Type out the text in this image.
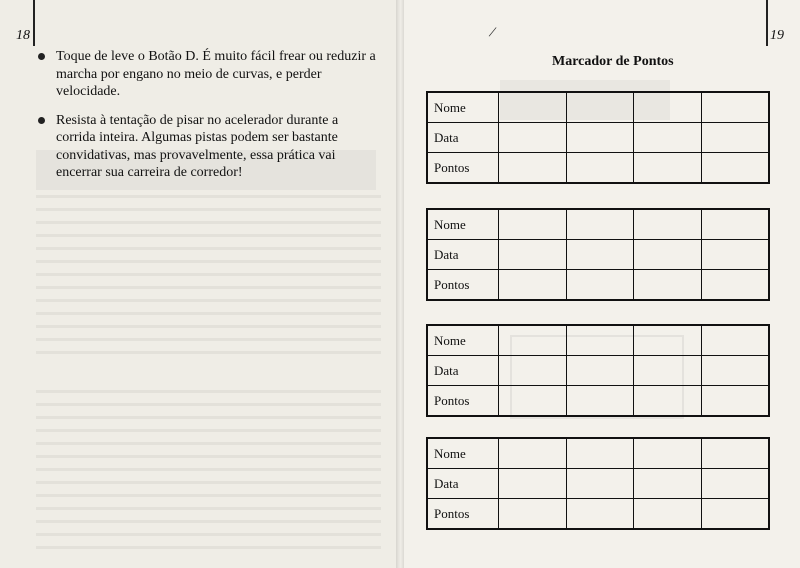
18	19
Toque de leve o Botão D. É muito fácil frear ou reduzir a marcha por engano no meio de curvas, e perder velocidade.
Resista à tentação de pisar no acelerador durante a corrida inteira. Algumas pistas podem ser bastante convidativas, mas provavelmente, essa prática vai encerrar sua carreira de corredor!
Marcador de Pontos
/
Nome
Data
Pontos
Nome
Data
Pontos
Nome
Data
Pontos
Nome
Data
Pontos
